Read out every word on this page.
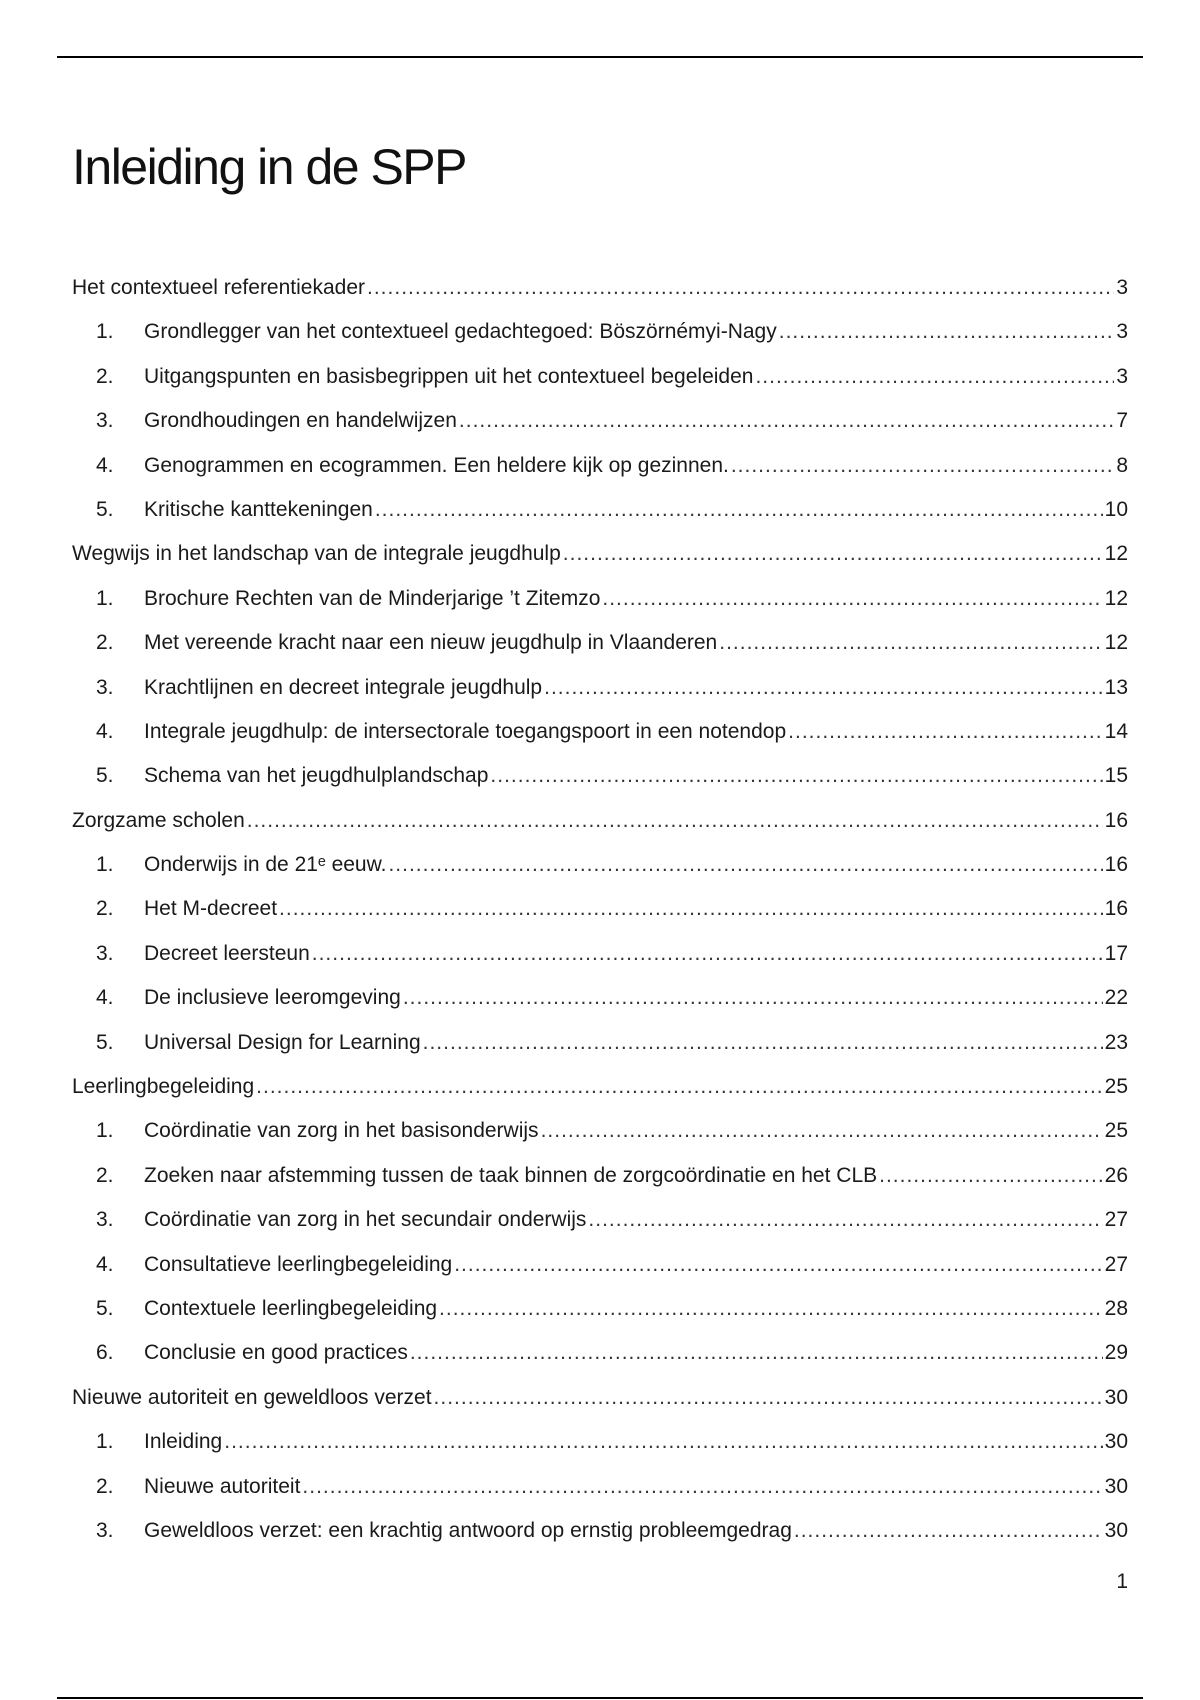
Inleiding in de SPP
Het contextueel referentiekader .....	3
1.	Grondlegger van het contextueel gedachtegoed: Böszörnémyi-Nagy .....	3
2.	Uitgangspunten en basisbegrippen uit het contextueel begeleiden .....	3
3.	Grondhoudingen en handelwijzen .....	7
4.	Genogrammen en ecogrammen. Een heldere kijk op gezinnen. .....	8
5.	Kritische kanttekeningen .....	10
Wegwijs in het landschap van de integrale jeugdhulp .....	12
1.	Brochure Rechten van de Minderjarige ’t Zitemzo .....	12
2.	Met vereende kracht naar een nieuw jeugdhulp in Vlaanderen .....	12
3.	Krachtlijnen en decreet integrale jeugdhulp .....	13
4.	Integrale jeugdhulp: de intersectorale toegangspoort in een notendop .....	14
5.	Schema van het jeugdhulplandschap .....	15
Zorgzame scholen .....	16
1.	Onderwijs in de 21ᵉ eeuw. .....	16
2.	Het M-decreet .....	16
3.	Decreet leersteun .....	17
4.	De inclusieve leeromgeving .....	22
5.	Universal Design for Learning .....	23
Leerlingbegeleiding .....	25
1.	Coördinatie van zorg in het basisonderwijs .....	25
2.	Zoeken naar afstemming tussen de taak binnen de zorgcoördinatie en het CLB .....	26
3.	Coördinatie van zorg in het secundair onderwijs .....	27
4.	Consultatieve leerlingbegeleiding .....	27
5.	Contextuele leerlingbegeleiding .....	28
6.	Conclusie en good practices .....	29
Nieuwe autoriteit en geweldloos verzet .....	30
1.	Inleiding .....	30
2.	Nieuwe autoriteit .....	30
3.	Geweldloos verzet: een krachtig antwoord op ernstig probleemgedrag .....	30
1
